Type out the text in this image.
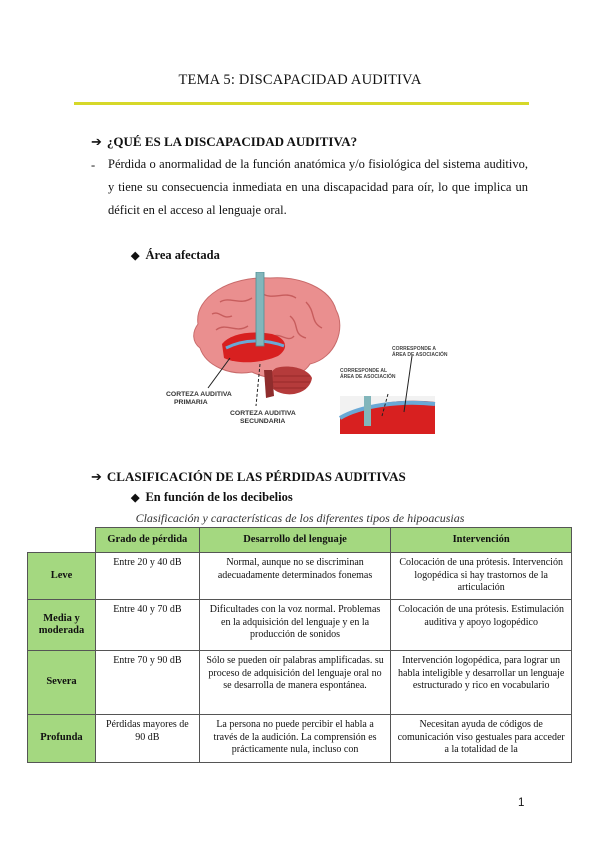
TEMA 5: DISCAPACIDAD AUDITIVA
➔ ¿QUÉ ES LA DISCAPACIDAD AUDITIVA?
- Pérdida o anormalidad de la función anatómica y/o fisiológica del sistema auditivo, y tiene su consecuencia inmediata en una discapacidad para oír, lo que implica un déficit en el acceso al lenguaje oral.
◆ Área afectada
CORTEZA AUDITIVA
PRIMARIA
CORTEZA AUDITIVA
SECUNDARIA
CORRESPONDE A
ÁREA DE ASOCIACIÓN
CORRESPONDE AL
ÁREA DE ASOCIACIÓN
➔ CLASIFICACIÓN DE LAS PÉRDIDAS AUDITIVAS
◆ En función de los decibelios
Clasificación y características de los diferentes tipos de hipoacusias
	Grado de pérdida	Desarrollo del lenguaje	Intervención
Leve	Entre 20 y 40 dB	Normal, aunque no se discriminan adecuadamente determinados fonemas	Colocación de una prótesis. Intervención logopédica si hay trastornos de la articulación
Media y moderada	Entre 40 y 70 dB	Dificultades con la voz normal. Problemas en la adquisición del lenguaje y en la producción de sonidos	Colocación de una prótesis. Estimulación auditiva y apoyo logopédico
Severa	Entre 70 y 90 dB	Sólo se pueden oír palabras amplificadas. su proceso de adquisición del lenguaje oral no se desarrolla de manera espontánea.	Intervención logopédica, para lograr un habla inteligible y desarrollar un lenguaje estructurado y rico en vocabulario
Profunda	Pérdidas mayores de 90 dB	La persona no puede percibir el habla a través de la audición. La comprensión es prácticamente nula, incluso con	Necesitan ayuda de códigos de comunicación viso gestuales para acceder a la totalidad de la
1
